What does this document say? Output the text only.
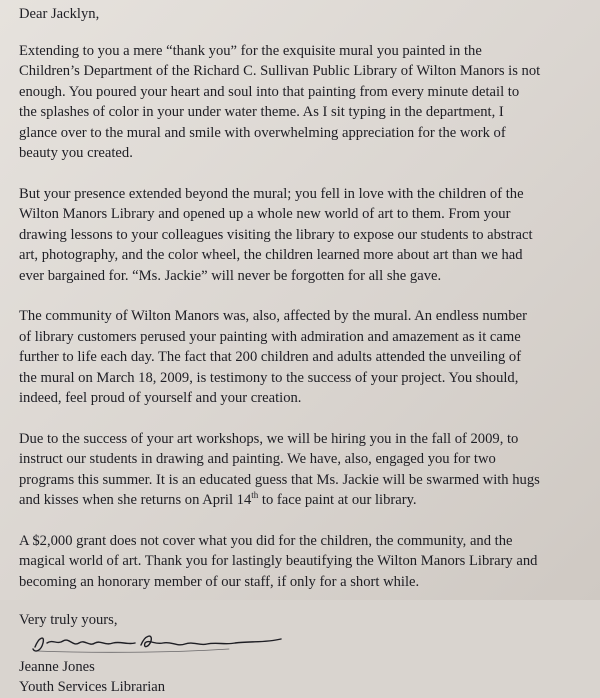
Dear Jacklyn,
Extending to you a mere “thank you” for the exquisite mural you painted in the
Children’s Department of the Richard C. Sullivan Public Library of Wilton Manors is not
enough. You poured your heart and soul into that painting from every minute detail to
the splashes of color in your under water theme. As I sit typing in the department, I
glance over to the mural and smile with overwhelming appreciation for the work of
beauty you created.
But your presence extended beyond the mural; you fell in love with the children of the
Wilton Manors Library and opened up a whole new world of art to them. From your
drawing lessons to your colleagues visiting the library to expose our students to abstract
art, photography, and the color wheel, the children learned more about art than we had
ever bargained for. “Ms. Jackie” will never be forgotten for all she gave.
The community of Wilton Manors was, also, affected by the mural. An endless number
of library customers perused your painting with admiration and amazement as it came
further to life each day. The fact that 200 children and adults attended the unveiling of
the mural on March 18, 2009, is testimony to the success of your project. You should,
indeed, feel proud of yourself and your creation.
Due to the success of your art workshops, we will be hiring you in the fall of 2009, to
instruct our students in drawing and painting. We have, also, engaged you for two
programs this summer. It is an educated guess that Ms. Jackie will be swarmed with hugs
and kisses when she returns on April 14th to face paint at our library.
A $2,000 grant does not cover what you did for the children, the community, and the
magical world of art. Thank you for lastingly beautifying the Wilton Manors Library and
becoming an honorary member of our staff, if only for a short while.
Very truly yours,
Jeanne Jones
Youth Services Librarian
